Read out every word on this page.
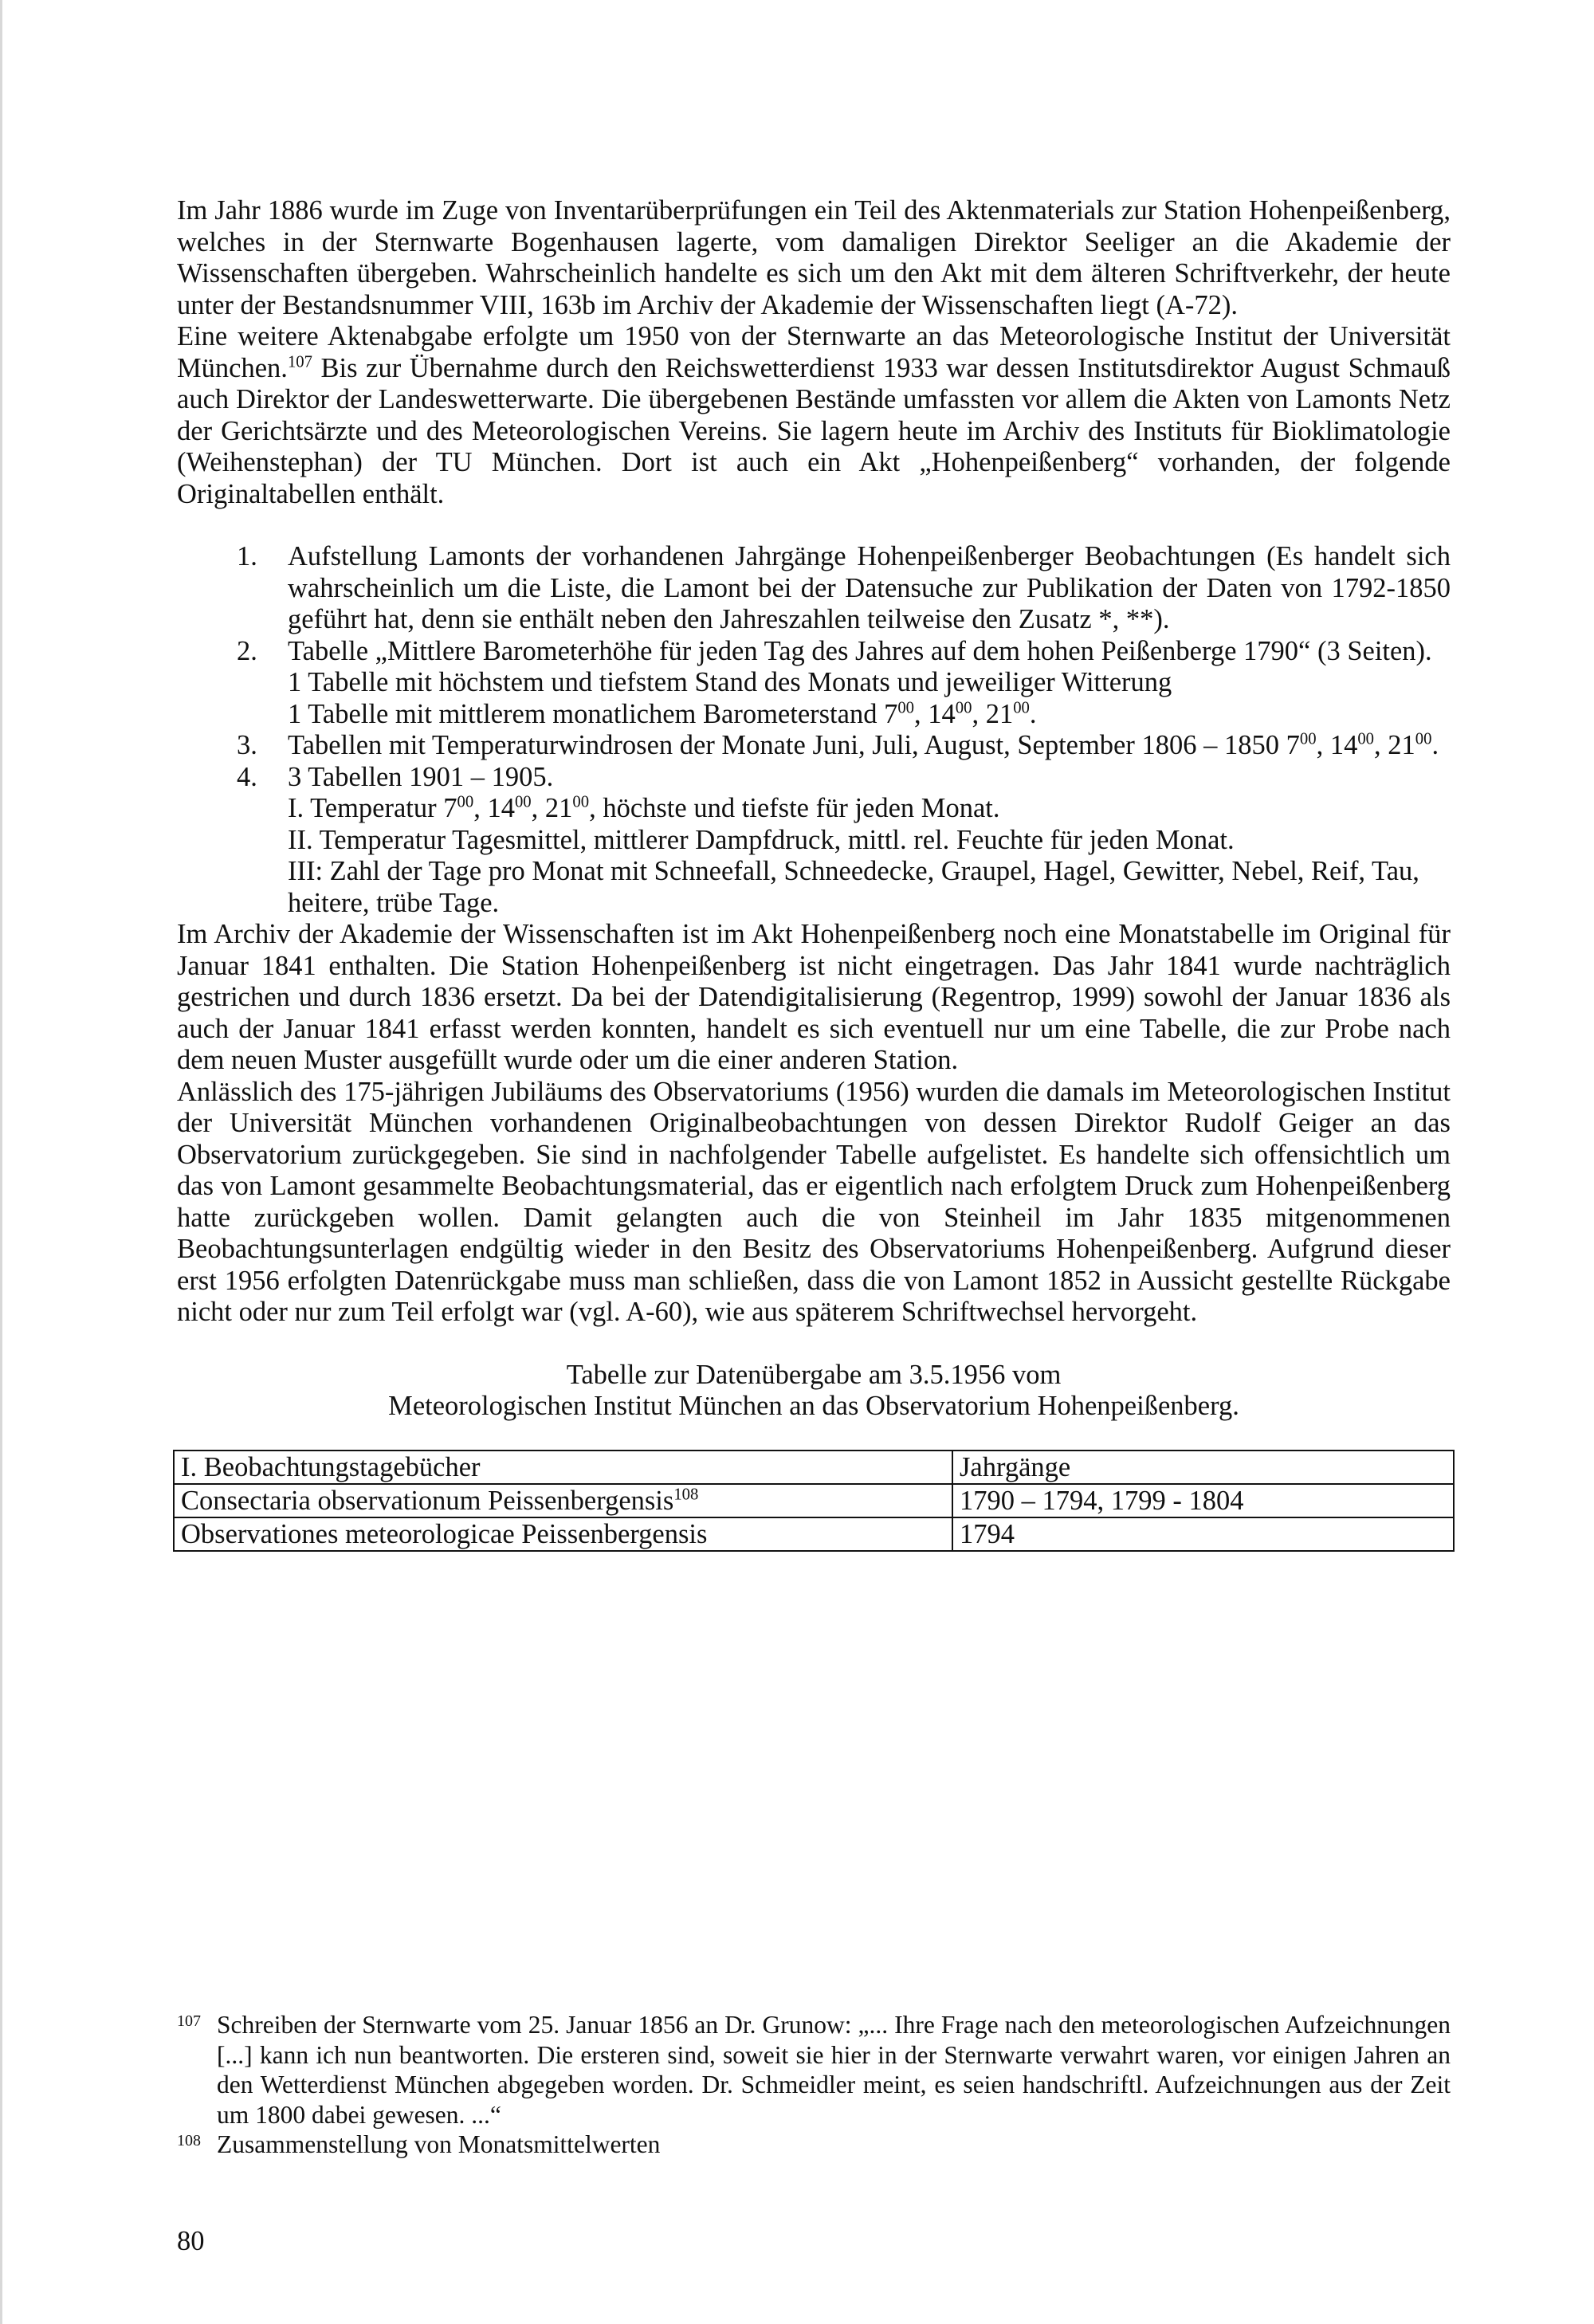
Im Jahr 1886 wurde im Zuge von Inventarüberprüfungen ein Teil des Aktenmaterials zur Station Hohenpeißenberg, welches in der Sternwarte Bogenhausen lagerte, vom damaligen Direktor Seeliger an die Akademie der Wissenschaften übergeben. Wahrscheinlich handelte es sich um den Akt mit dem älteren Schriftverkehr, der heute unter der Bestandsnummer VIII, 163b im Archiv der Akademie der Wissenschaften liegt (A-72).

Eine weitere Aktenabgabe erfolgte um 1950 von der Sternwarte an das Meteorologische Institut der Universität München.$^{107}$ Bis zur Übernahme durch den Reichswetterdienst 1933 war dessen Institutsdirektor August Schmauß auch Direktor der Landeswetterwarte. Die übergebenen Bestände umfassten vor allem die Akten von Lamonts Netz der Gerichtsärzte und des Meteorologischen Vereins. Sie lagern heute im Archiv des Instituts für Bioklimatologie (Weihenstephan) der TU München. Dort ist auch ein Akt „Hohenpeißenberg“ vorhanden, der folgende Originaltabellen enthält.

1. Aufstellung Lamonts der vorhandenen Jahrgänge Hohenpeißenberger Beobachtungen (Es handelt sich wahrscheinlich um die Liste, die Lamont bei der Datensuche zur Publikation der Daten von 1792-1850 geführt hat, denn sie enthält neben den Jahreszahlen teilweise den Zusatz *, **).
2. Tabelle „Mittlere Barometerhöhe für jeden Tag des Jahres auf dem hohen Peißenberge 1790“ (3 Seiten).
1 Tabelle mit höchstem und tiefstem Stand des Monats und jeweiliger Witterung
1 Tabelle mit mittlerem monatlichem Barometerstand $7^{00}$, $14^{00}$, $21^{00}$.
3. Tabellen mit Temperaturwindrosen der Monate Juni, Juli, August, September 1806 – 1850 $7^{00}$, $14^{00}$, $21^{00}$.
4. 3 Tabellen 1901 – 1905.
I. Temperatur $7^{00}$, $14^{00}$, $21^{00}$, höchste und tiefste für jeden Monat.
II. Temperatur Tagesmittel, mittlerer Dampfdruck, mittl. rel. Feuchte für jeden Monat.
III: Zahl der Tage pro Monat mit Schneefall, Schneedecke, Graupel, Hagel, Gewitter, Nebel, Reif, Tau, heitere, trübe Tage.

Im Archiv der Akademie der Wissenschaften ist im Akt Hohenpeißenberg noch eine Monatstabelle im Original für Januar 1841 enthalten. Die Station Hohenpeißenberg ist nicht eingetragen. Das Jahr 1841 wurde nachträglich gestrichen und durch 1836 ersetzt. Da bei der Datendigitalisierung (Regentrop, 1999) sowohl der Januar 1836 als auch der Januar 1841 erfasst werden konnten, handelt es sich eventuell nur um eine Tabelle, die zur Probe nach dem neuen Muster ausgefüllt wurde oder um die einer anderen Station.

Anlässlich des 175-jährigen Jubiläums des Observatoriums (1956) wurden die damals im Meteorologischen Institut der Universität München vorhandenen Originalbeobachtungen von dessen Direktor Rudolf Geiger an das Observatorium zurückgegeben. Sie sind in nachfolgender Tabelle aufgelistet. Es handelte sich offensichtlich um das von Lamont gesammelte Beobachtungsmaterial, das er eigentlich nach erfolgtem Druck zum Hohenpeißenberg hatte zurückgeben wollen. Damit gelangten auch die von Steinheil im Jahr 1835 mitgenommenen Beobachtungsunterlagen endgültig wieder in den Besitz des Observatoriums Hohenpeißenberg. Aufgrund dieser erst 1956 erfolgten Datenrückgabe muss man schließen, dass die von Lamont 1852 in Aussicht gestellte Rückgabe nicht oder nur zum Teil erfolgt war (vgl. A-60), wie aus späterem Schriftwechsel hervorgeht.

Tabelle zur Datenübergabe am 3.5.1956 vom
Meteorologischen Institut München an das Observatorium Hohenpeißenberg.
I. Beobachtungstagebücher	Jahrgänge
Consectaria observationum Peissenbergensis$^{108}$	1790 – 1794, 1799 - 1804
Observationes meteorologicae Peissenbergensis	1794
107 Schreiben der Sternwarte vom 25. Januar 1856 an Dr. Grunow: „... Ihre Frage nach den meteorologischen Aufzeichnungen [...] kann ich nun beantworten. Die ersteren sind, soweit sie hier in der Sternwarte verwahrt waren, vor einigen Jahren an den Wetterdienst München abgegeben worden. Dr. Schmeidler meint, es seien handschriftl. Aufzeichnungen aus der Zeit um 1800 dabei gewesen. ...“
108 Zusammenstellung von Monatsmittelwerten
80
